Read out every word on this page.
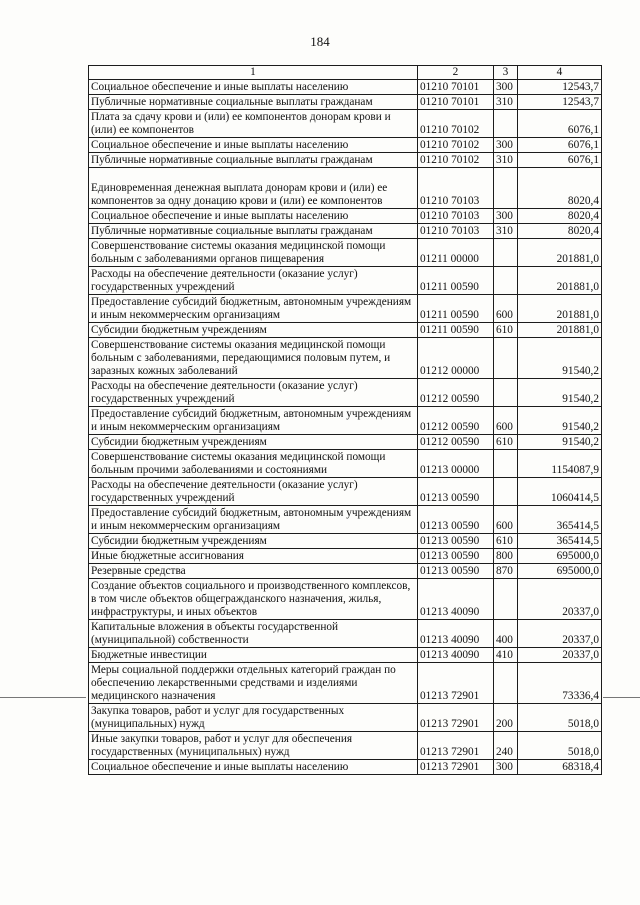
184
1	2	3	4
Социальное обеспечение и иные выплаты населению	01210 70101	300	12543,7
Публичные нормативные социальные выплаты гражданам	01210 70101	310	12543,7
Плата за сдачу крови и (или) ее компонентов донорам крови и (или) ее компонентов	01210 70102		6076,1
Социальное обеспечение и иные выплаты населению	01210 70102	300	6076,1
Публичные нормативные социальные выплаты гражданам	01210 70102	310	6076,1
Единовременная денежная выплата донорам крови и (или) ее компонентов за одну донацию крови и (или) ее компонентов	01210 70103		8020,4
Социальное обеспечение и иные выплаты населению	01210 70103	300	8020,4
Публичные нормативные социальные выплаты гражданам	01210 70103	310	8020,4
Совершенствование системы оказания медицинской помощи больным с заболеваниями органов пищеварения	01211 00000		201881,0
Расходы на обеспечение деятельности (оказание услуг) государственных учреждений	01211 00590		201881,0
Предоставление субсидий бюджетным, автономным учреждениям и иным некоммерческим организациям	01211 00590	600	201881,0
Субсидии бюджетным учреждениям	01211 00590	610	201881,0
Совершенствование системы оказания медицинской помощи больным с заболеваниями, передающимися половым путем, и заразных кожных заболеваний	01212 00000		91540,2
Расходы на обеспечение деятельности (оказание услуг) государственных учреждений	01212 00590		91540,2
Предоставление субсидий бюджетным, автономным учреждениям и иным некоммерческим организациям	01212 00590	600	91540,2
Субсидии бюджетным учреждениям	01212 00590	610	91540,2
Совершенствование системы оказания медицинской помощи больным прочими заболеваниями и состояниями	01213 00000		1154087,9
Расходы на обеспечение деятельности (оказание услуг) государственных учреждений	01213 00590		1060414,5
Предоставление субсидий бюджетным, автономным учреждениям и иным некоммерческим организациям	01213 00590	600	365414,5
Субсидии бюджетным учреждениям	01213 00590	610	365414,5
Иные бюджетные ассигнования	01213 00590	800	695000,0
Резервные средства	01213 00590	870	695000,0
Создание объектов социального и производственного комплексов, в том числе объектов общегражданского назначения, жилья, инфраструктуры, и иных объектов	01213 40090		20337,0
Капитальные вложения в объекты государственной (муниципальной) собственности	01213 40090	400	20337,0
Бюджетные инвестиции	01213 40090	410	20337,0
Меры социальной поддержки отдельных категорий граждан по обеспечению лекарственными средствами и изделиями медицинского назначения	01213 72901		73336,4
Закупка товаров, работ и услуг для государственных (муниципальных) нужд	01213 72901	200	5018,0
Иные закупки товаров, работ и услуг для обеспечения государственных (муниципальных) нужд	01213 72901	240	5018,0
Социальное обеспечение и иные выплаты населению	01213 72901	300	68318,4
